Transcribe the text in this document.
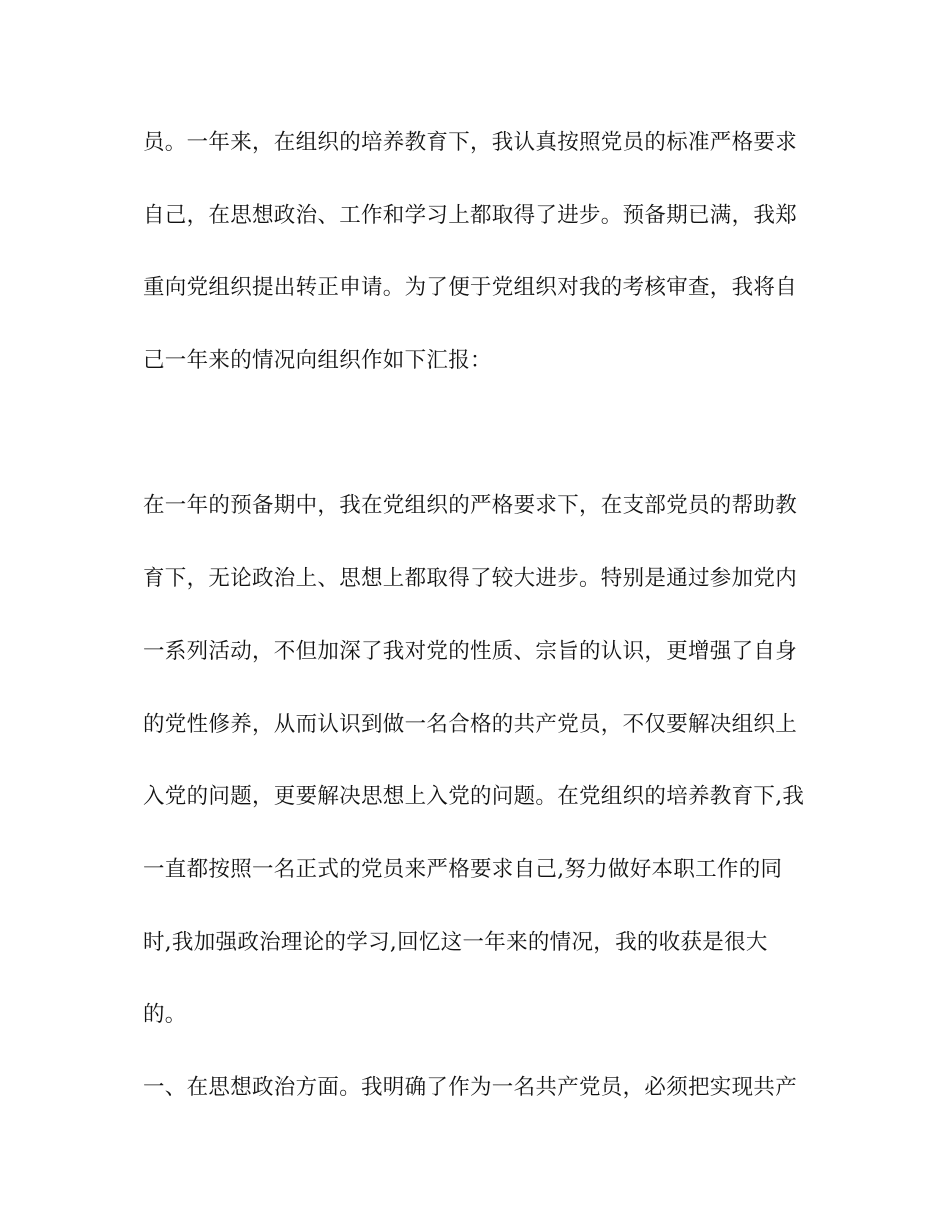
员。一年来，在组织的培养教育下，我认真按照党员的标准严格要求
自己，在思想政治、工作和学习上都取得了进步。预备期已满，我郑
重向党组织提出转正申请。为了便于党组织对我的考核审查，我将自
己一年来的情况向组织作如下汇报：
在一年的预备期中，我在党组织的严格要求下，在支部党员的帮助教
育下，无论政治上、思想上都取得了较大进步。特别是通过参加党内
一系列活动，不但加深了我对党的性质、宗旨的认识，更增强了自身
的党性修养，从而认识到做一名合格的共产党员，不仅要解决组织上
入党的问题，更要解决思想上入党的问题。在党组织的培养教育下,我
一直都按照一名正式的党员来严格要求自己,努力做好本职工作的同
时,我加强政治理论的学习,回忆这一年来的情况，我的收获是很大
的。
一、在思想政治方面。我明确了作为一名共产党员，必须把实现共产
